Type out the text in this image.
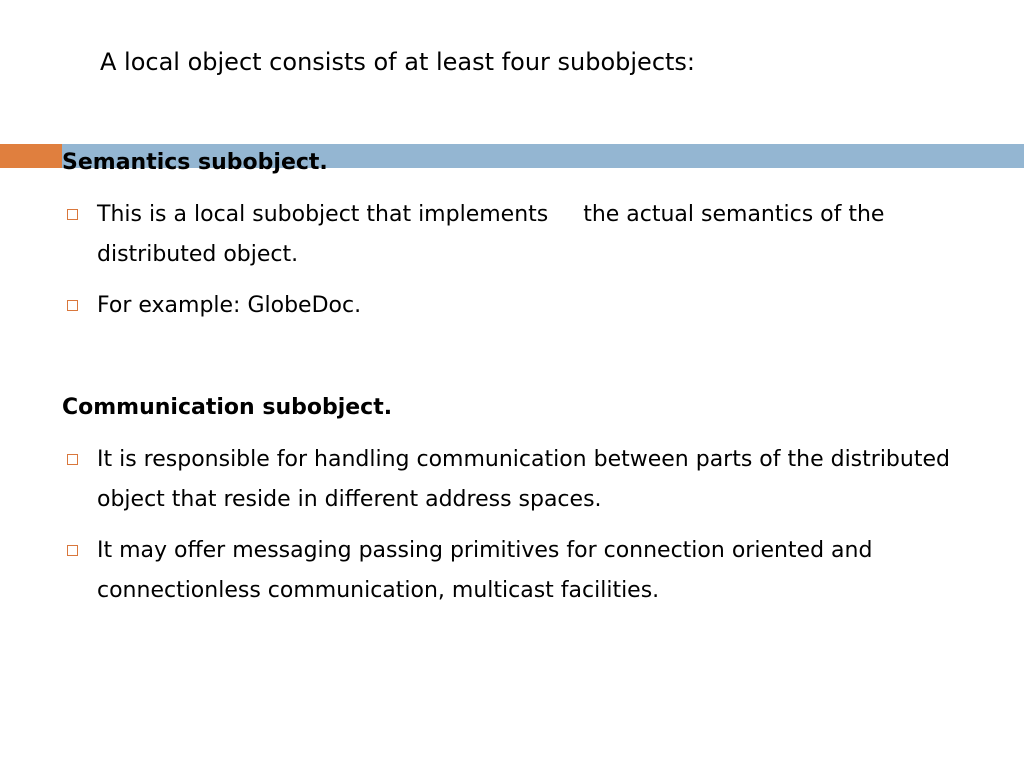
A local object consists of at least four subobjects:
Semantics subobject.
This is a local subobject that implements     the actual semantics of the distributed object.
For example: GlobeDoc.
Communication subobject.
It is responsible for handling communication between parts of the distributed object that reside in different address spaces.
It may offer messaging passing primitives for connection oriented and connectionless communication, multicast facilities.
